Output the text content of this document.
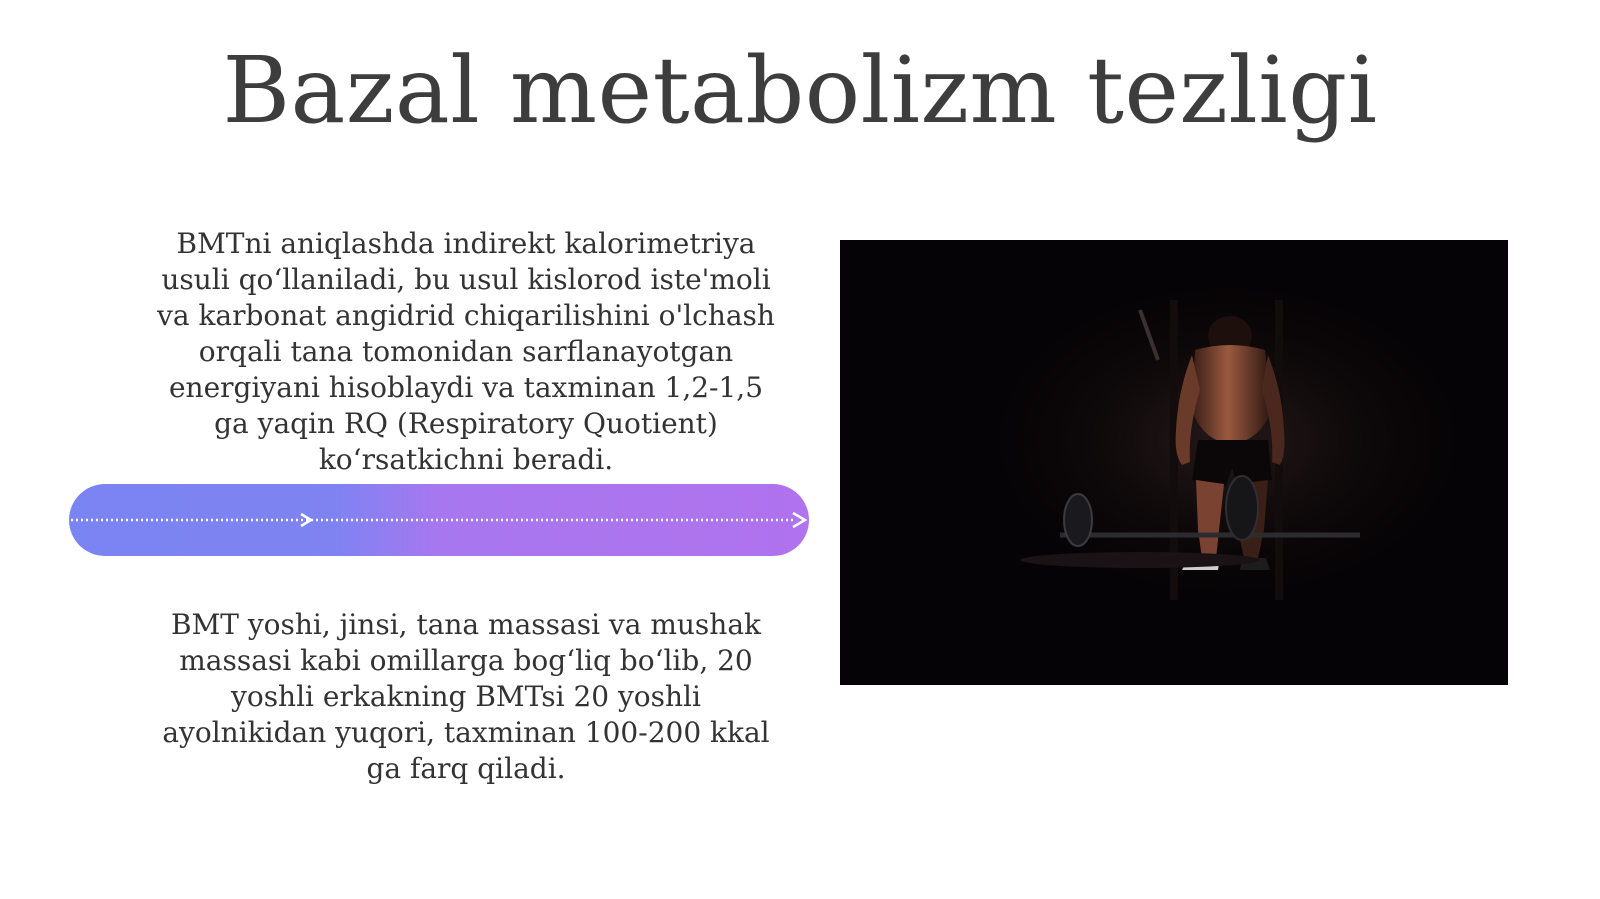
Bazal metabolizm tezligi

BMTni aniqlashda indirekt kalorimetriya usuli qoʻllaniladi, bu usul kislorod iste'moli va karbonat angidrid chiqarilishini o'lchash orqali tana tomonidan sarflanayotgan energiyani hisoblaydi va taxminan 1,2-1,5 ga yaqin RQ (Respiratory Quotient) koʻrsatkichni beradi.

BMT yoshi, jinsi, tana massasi va mushak massasi kabi omillarga bogʻliq boʻlib, 20 yoshli erkakning BMTsi 20 yoshli ayolnikidan yuqori, taxminan 100-200 kkal ga farq qiladi.
